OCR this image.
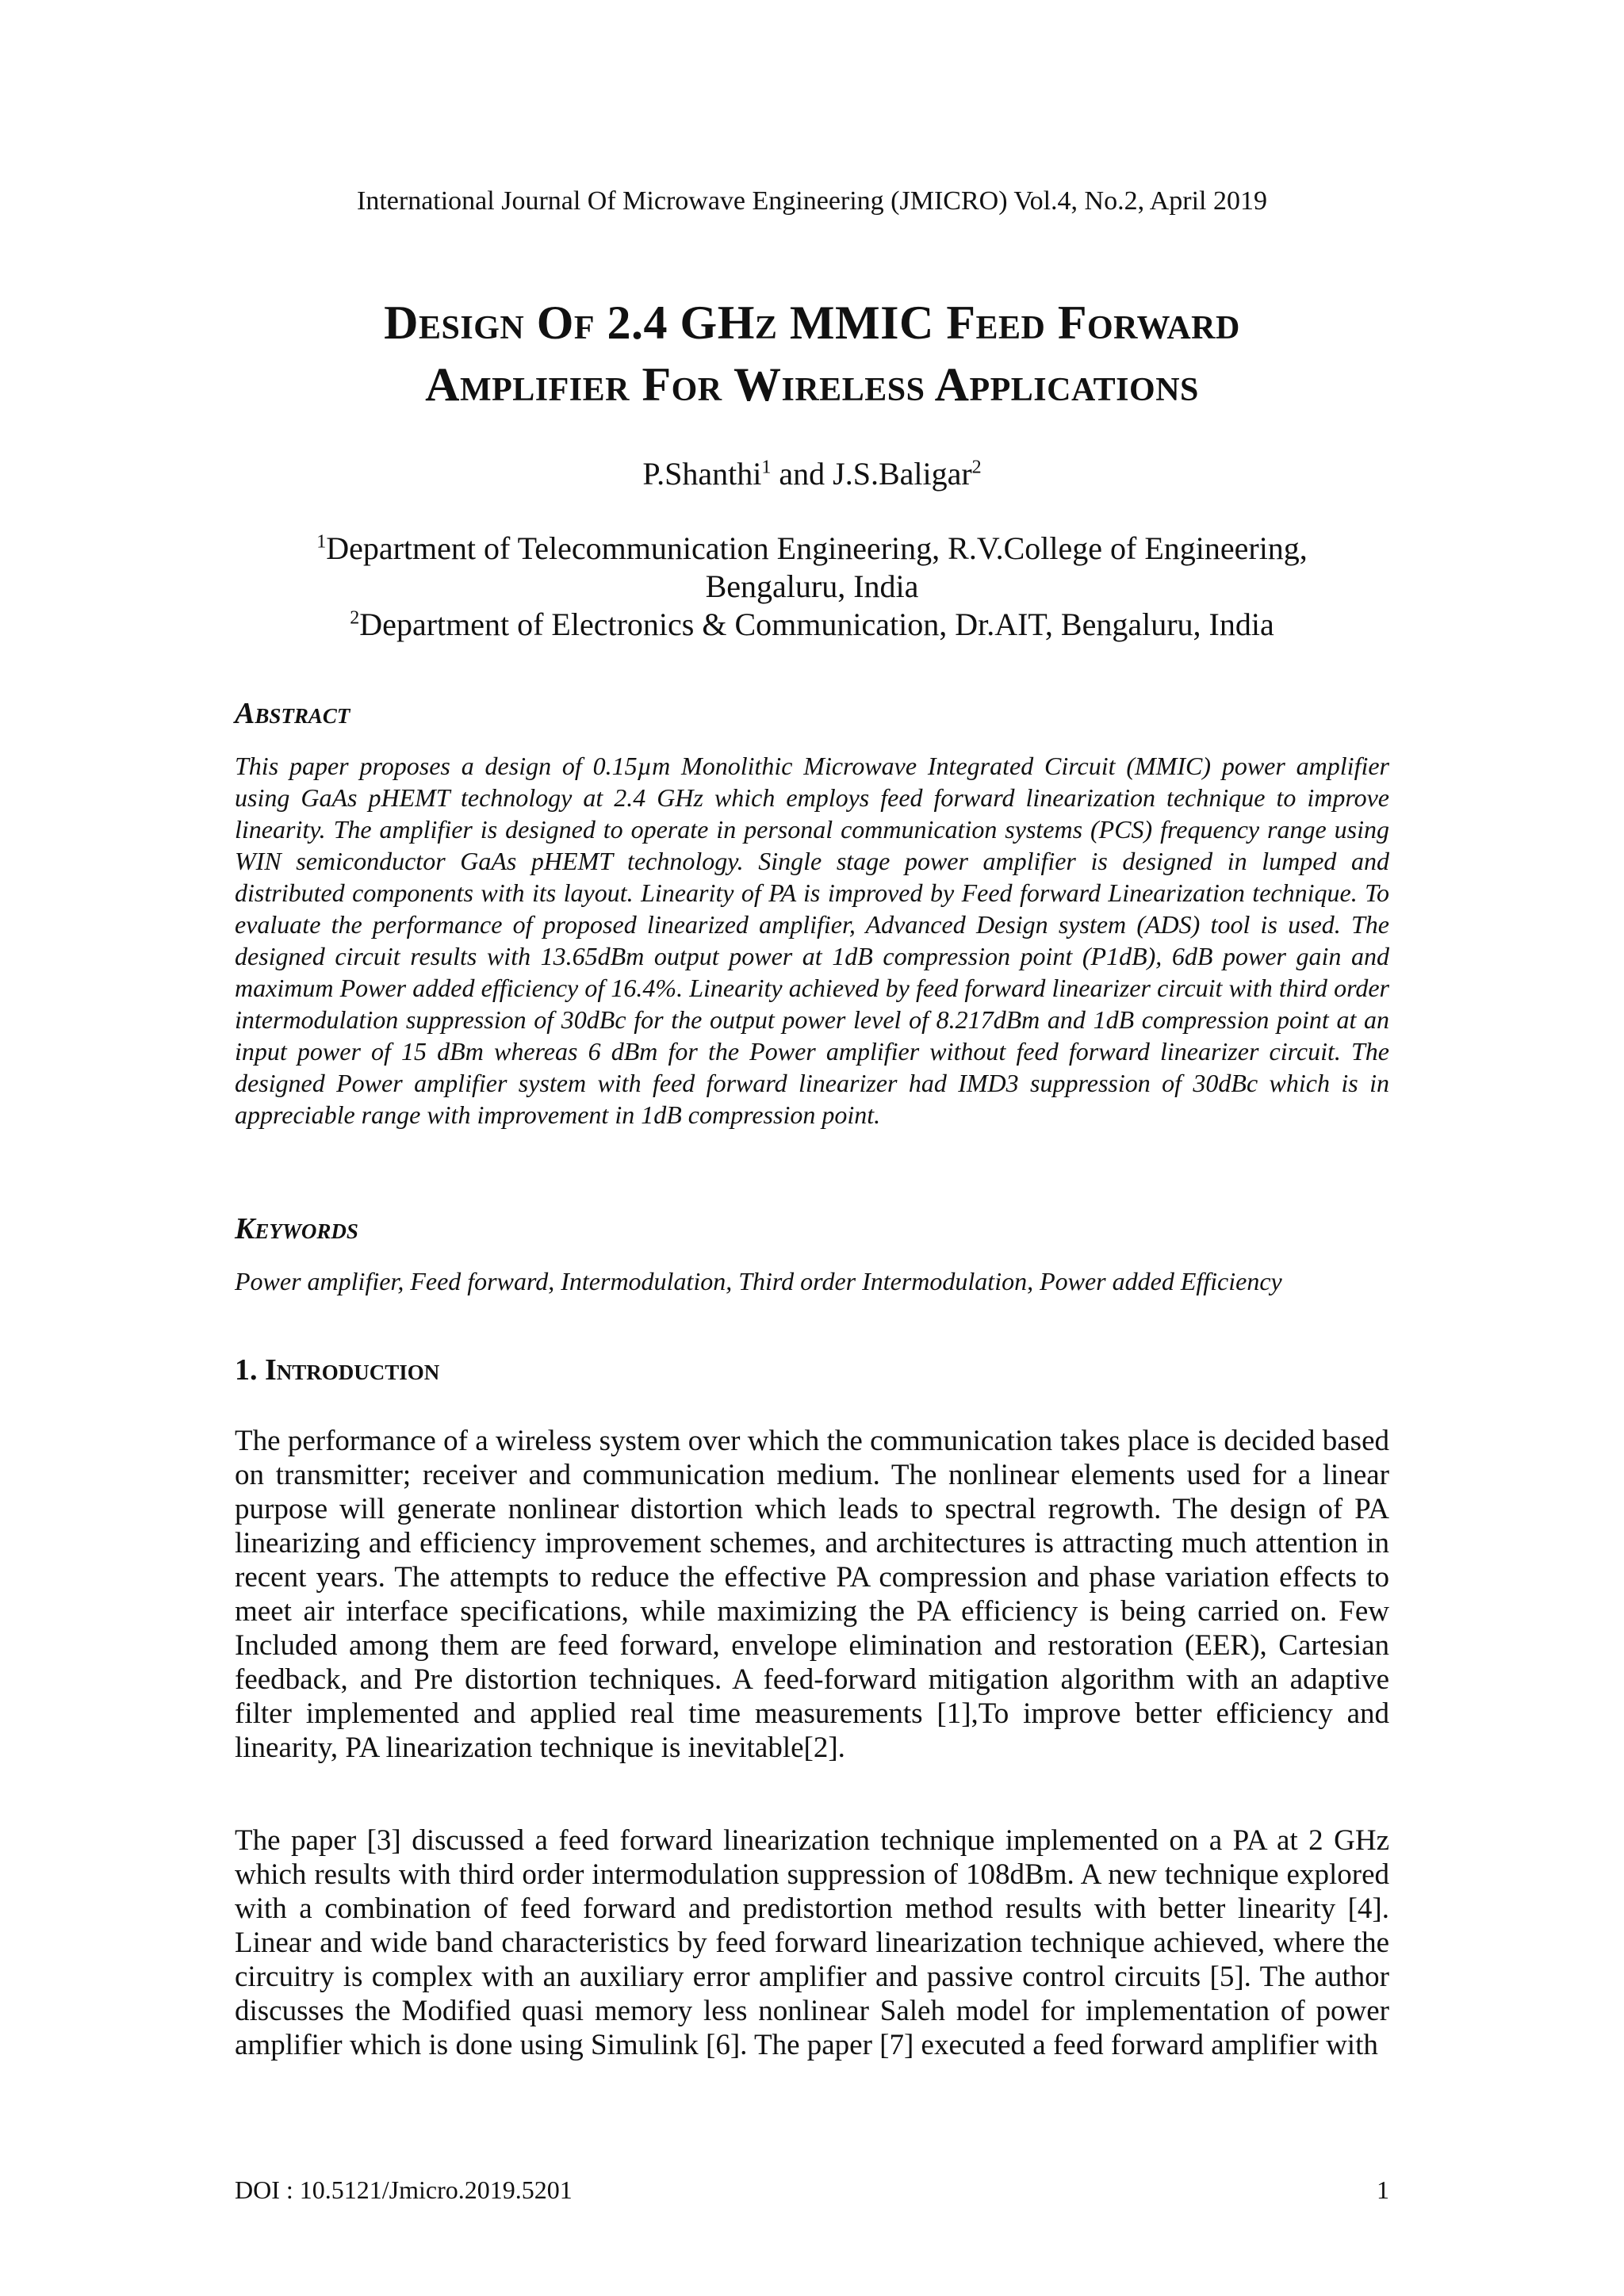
International Journal Of Microwave Engineering (JMICRO) Vol.4, No.2, April 2019
Design Of 2.4 GHz MMIC Feed Forward
Amplifier For Wireless Applications
P.Shanthi$^1$ and J.S.Baligar$^2$
$^1$Department of Telecommunication Engineering, R.V.College of Engineering,
Bengaluru, India
$^2$Department of Electronics & Communication, Dr.AIT, Bengaluru, India
Abstract
This paper proposes a design of 0.15µm Monolithic Microwave Integrated Circuit (MMIC) power amplifier using GaAs pHEMT technology at 2.4 GHz which employs feed forward linearization technique to improve linearity. The amplifier is designed to operate in personal communication systems (PCS) frequency range using WIN semiconductor GaAs pHEMT technology. Single stage power amplifier is designed in lumped and distributed components with its layout. Linearity of PA is improved by Feed forward Linearization technique. To evaluate the performance of proposed linearized amplifier, Advanced Design system (ADS) tool is used. The designed circuit results with 13.65dBm output power at 1dB compression point (P1dB), 6dB power gain and maximum Power added efficiency of 16.4%. Linearity achieved by feed forward linearizer circuit with third order intermodulation suppression of 30dBc for the output power level of 8.217dBm and 1dB compression point at an input power of 15 dBm whereas 6 dBm for the Power amplifier without feed forward linearizer circuit. The designed Power amplifier system with feed forward linearizer had IMD3 suppression of 30dBc which is in appreciable range with improvement in 1dB compression point.
Keywords
Power amplifier, Feed forward, Intermodulation, Third order Intermodulation, Power added Efficiency
1. Introduction
The performance of a wireless system over which the communication takes place is decided based on transmitter; receiver and communication medium. The nonlinear elements used for a linear purpose will generate nonlinear distortion which leads to spectral regrowth. The design of PA linearizing and efficiency improvement schemes, and architectures is attracting much attention in recent years. The attempts to reduce the effective PA compression and phase variation effects to meet air interface specifications, while maximizing the PA efficiency is being carried on. Few Included among them are feed forward, envelope elimination and restoration (EER), Cartesian feedback, and Pre distortion techniques. A feed-forward mitigation algorithm with an adaptive filter implemented and applied real time measurements [1],To improve better efficiency and linearity, PA linearization technique is inevitable[2].
The paper [3] discussed a feed forward linearization technique implemented on a PA at 2 GHz which results with third order intermodulation suppression of 108dBm. A new technique explored with a combination of feed forward and predistortion method results with better linearity [4]. Linear and wide band characteristics by feed forward linearization technique achieved, where the circuitry is complex with an auxiliary error amplifier and passive control circuits [5]. The author discusses the Modified quasi memory less nonlinear Saleh model for implementation of power amplifier which is done using Simulink [6]. The paper [7] executed a feed forward amplifier with
DOI : 10.5121/Jmicro.2019.5201	1
